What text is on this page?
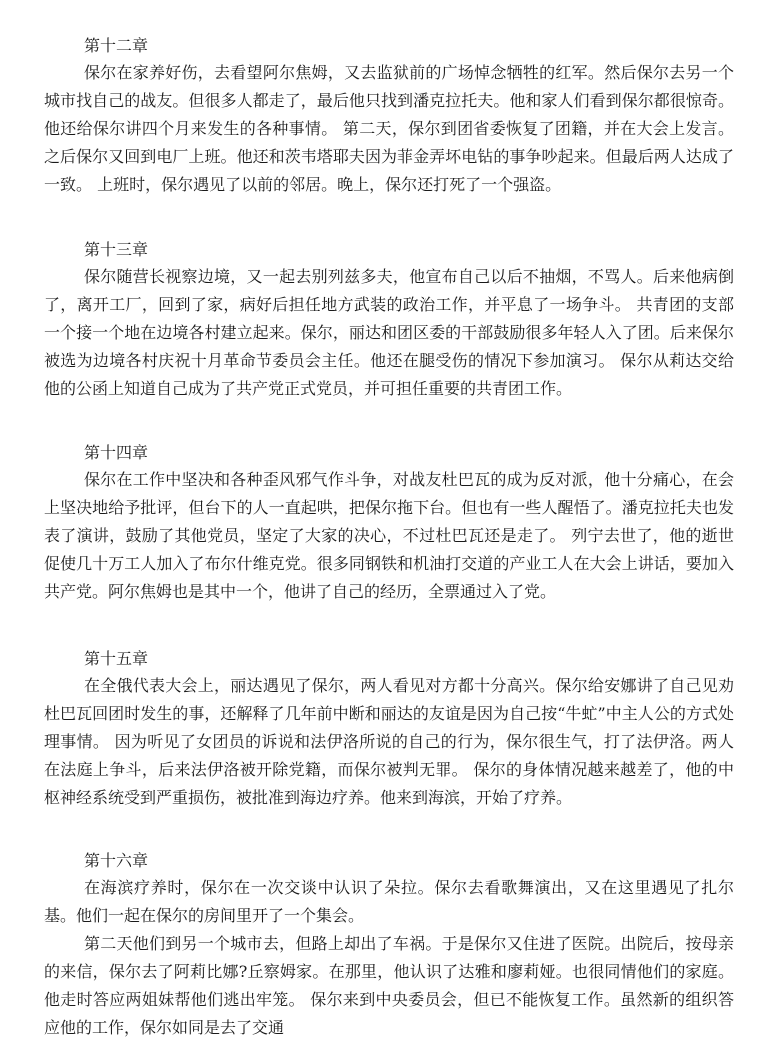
第十二章

保尔在家养好伤，去看望阿尔焦姆，又去监狱前的广场悼念牺牲的红军。然后保尔去另一个城市找自己的战友。但很多人都走了，最后他只找到潘克拉托夫。他和家人们看到保尔都很惊奇。他还给保尔讲四个月来发生的各种事情。 第二天，保尔到团省委恢复了团籍，并在大会上发言。之后保尔又回到电厂上班。他还和茨韦塔耶夫因为菲金弄坏电钻的事争吵起来。但最后两人达成了一致。 上班时，保尔遇见了以前的邻居。晚上，保尔还打死了一个强盗。

第十三章

保尔随营长视察边境，又一起去别列兹多夫，他宣布自己以后不抽烟，不骂人。后来他病倒了，离开工厂，回到了家，病好后担任地方武装的政治工作，并平息了一场争斗。 共青团的支部一个接一个地在边境各村建立起来。保尔，丽达和团区委的干部鼓励很多年轻人入了团。后来保尔被选为边境各村庆祝十月革命节委员会主任。他还在腿受伤的情况下参加演习。 保尔从莉达交给他的公函上知道自己成为了共产党正式党员，并可担任重要的共青团工作。

第十四章

保尔在工作中坚决和各种歪风邪气作斗争，对战友杜巴瓦的成为反对派，他十分痛心，在会上坚决地给予批评，但台下的人一直起哄，把保尔拖下台。但也有一些人醒悟了。潘克拉托夫也发表了演讲，鼓励了其他党员，坚定了大家的决心，不过杜巴瓦还是走了。 列宁去世了，他的逝世促使几十万工人加入了布尔什维克党。很多同钢铁和机油打交道的产业工人在大会上讲话，要加入共产党。阿尔焦姆也是其中一个，他讲了自己的经历，全票通过入了党。

第十五章

在全俄代表大会上，丽达遇见了保尔，两人看见对方都十分高兴。保尔给安娜讲了自己见劝杜巴瓦回团时发生的事，还解释了几年前中断和丽达的友谊是因为自己按“牛虻”中主人公的方式处理事情。 因为听见了女团员的诉说和法伊洛所说的自己的行为，保尔很生气，打了法伊洛。两人在法庭上争斗，后来法伊洛被开除党籍，而保尔被判无罪。 保尔的身体情况越来越差了，他的中枢神经系统受到严重损伤，被批准到海边疗养。他来到海滨，开始了疗养。

第十六章

在海滨疗养时，保尔在一次交谈中认识了朵拉。保尔去看歌舞演出，又在这里遇见了扎尔基。他们一起在保尔的房间里开了一个集会。

第二天他们到另一个城市去，但路上却出了车祸。于是保尔又住进了医院。出院后，按母亲的来信，保尔去了阿莉比娜?丘察姆家。在那里，他认识了达雅和廖莉娅。也很同情他们的家庭。他走时答应两姐妹帮他们逃出牢笼。 保尔来到中央委员会，但已不能恢复工作。虽然新的组织答应他的工作，保尔如同是去了交通
